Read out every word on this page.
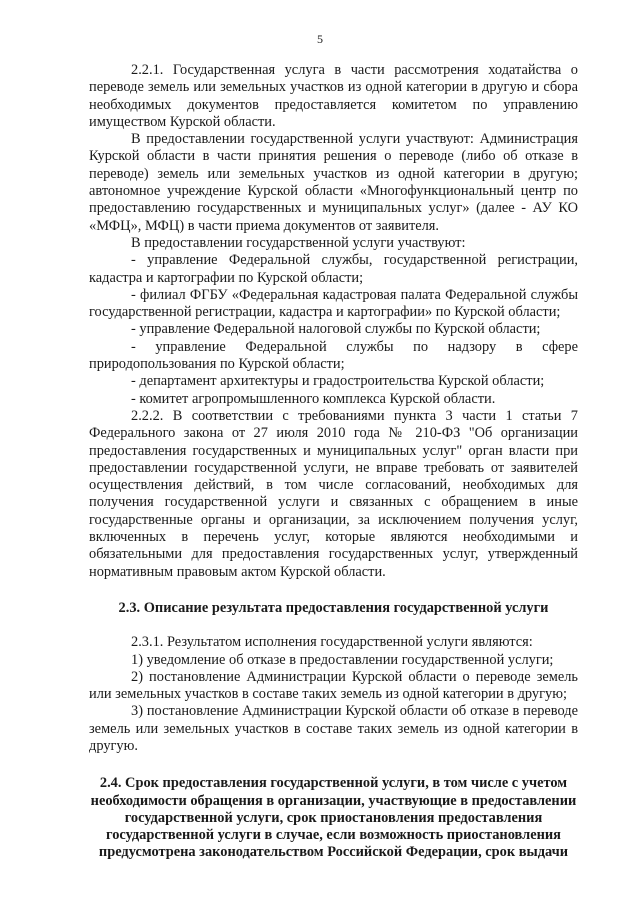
5

2.2.1. Государственная услуга в части рассмотрения ходатайства о переводе земель или земельных участков из одной категории в другую и сбора необходимых документов предоставляется комитетом по управлению имуществом Курской области.

В предоставлении государственной услуги участвуют: Администрация Курской области в части принятия решения о переводе (либо об отказе в переводе) земель или земельных участков из одной категории в другую; автономное учреждение Курской области «Многофункциональный центр по предоставлению государственных и муниципальных услуг» (далее - АУ КО «МФЦ», МФЦ) в части приема документов от заявителя.

В предоставлении государственной услуги участвуют:

- управление Федеральной службы, государственной регистрации, кадастра и картографии по Курской области;

- филиал ФГБУ «Федеральная кадастровая палата Федеральной службы государственной регистрации, кадастра и картографии» по Курской области;

- управление Федеральной налоговой службы по Курской области;

- управление Федеральной службы по надзору в сфере природопользования по Курской области;

- департамент архитектуры и градостроительства Курской области;

- комитет агропромышленного комплекса Курской области.

2.2.2. В соответствии с требованиями пункта 3 части 1 статьи 7 Федерального закона от 27 июля 2010 года № 210-ФЗ "Об организации предоставления государственных и муниципальных услуг" орган власти при предоставлении государственной услуги, не вправе требовать от заявителей осуществления действий, в том числе согласований, необходимых для получения государственной услуги и связанных с обращением в иные государственные органы и организации, за исключением получения услуг, включенных в перечень услуг, которые являются необходимыми и обязательными для предоставления государственных услуг, утвержденный нормативным правовым актом Курской области.

2.3. Описание результата предоставления государственной услуги

2.3.1. Результатом исполнения государственной услуги являются:

1) уведомление об отказе в предоставлении государственной услуги;

2) постановление Администрации Курской области о переводе земель или земельных участков в составе таких земель из одной категории в другую;

3) постановление Администрации Курской области об отказе в переводе земель или земельных участков в составе таких земель из одной категории в другую.

2.4. Срок предоставления государственной услуги, в том числе с учетом необходимости обращения в организации, участвующие в предоставлении государственной услуги, срок приостановления предоставления государственной услуги в случае, если возможность приостановления предусмотрена законодательством Российской Федерации, срок выдачи
